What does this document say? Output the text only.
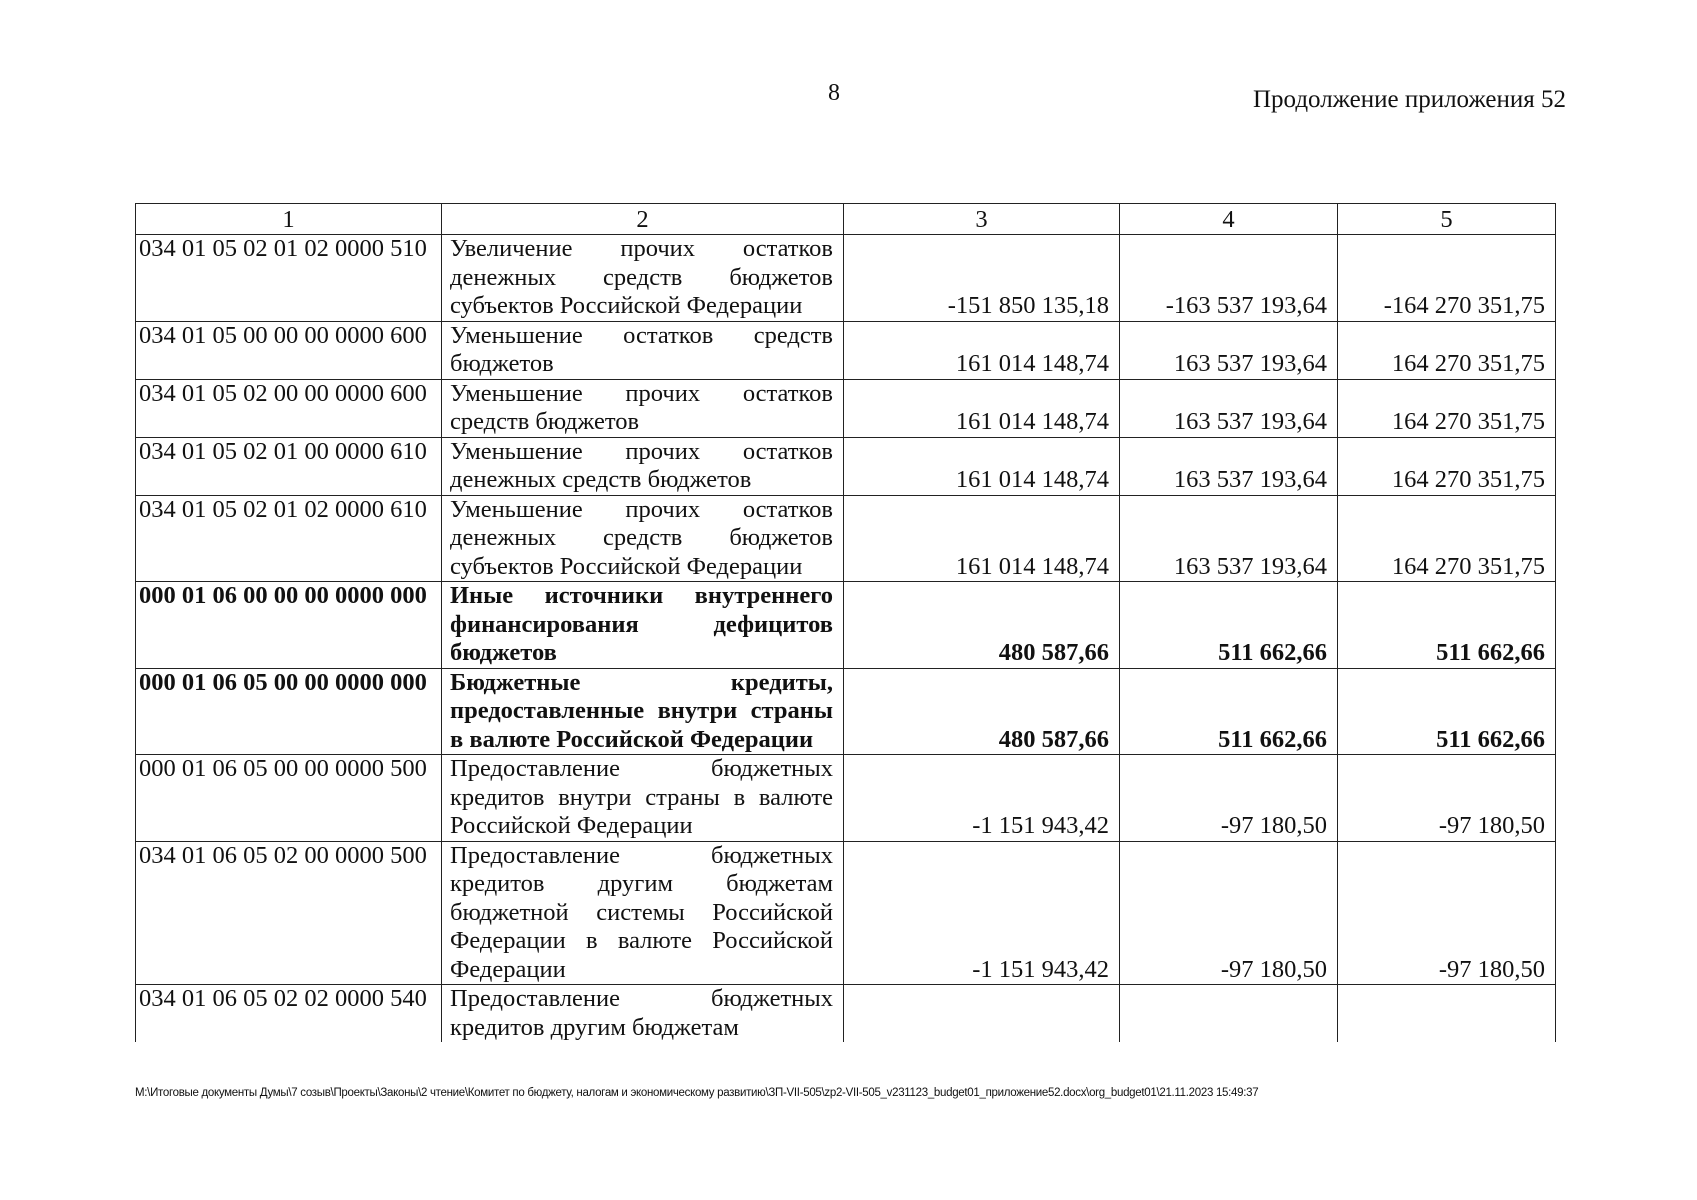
8	Продолжение приложения 52
1	2	3	4	5
034 01 05 02 01 02 0000 510	Увеличение прочих остатков денежных средств бюджетов субъектов Российской Федерации	-151 850 135,18	-163 537 193,64	-164 270 351,75
034 01 05 00 00 00 0000 600	Уменьшение остатков средств бюджетов	161 014 148,74	163 537 193,64	164 270 351,75
034 01 05 02 00 00 0000 600	Уменьшение прочих остатков средств бюджетов	161 014 148,74	163 537 193,64	164 270 351,75
034 01 05 02 01 00 0000 610	Уменьшение прочих остатков денежных средств бюджетов	161 014 148,74	163 537 193,64	164 270 351,75
034 01 05 02 01 02 0000 610	Уменьшение прочих остатков денежных средств бюджетов субъектов Российской Федерации	161 014 148,74	163 537 193,64	164 270 351,75
000 01 06 00 00 00 0000 000	Иные источники внутреннего финансирования дефицитов бюджетов	480 587,66	511 662,66	511 662,66
000 01 06 05 00 00 0000 000	Бюджетные кредиты, предоставленные внутри страны в валюте Российской Федерации	480 587,66	511 662,66	511 662,66
000 01 06 05 00 00 0000 500	Предоставление бюджетных кредитов внутри страны в валюте Российской Федерации	-1 151 943,42	-97 180,50	-97 180,50
034 01 06 05 02 00 0000 500	Предоставление бюджетных кредитов другим бюджетам бюджетной системы Российской Федерации в валюте Российской Федерации	-1 151 943,42	-97 180,50	-97 180,50
034 01 06 05 02 02 0000 540	Предоставление бюджетных кредитов другим бюджетам			
M:\Итоговые документы Думы\7 созыв\Проекты\Законы\2 чтение\Комитет по бюджету, налогам и экономическому развитию\ЗП-VII-505\zp2-VII-505_v231123_budget01_приложение52.docx\org_budget01\21.11.2023 15:49:37
